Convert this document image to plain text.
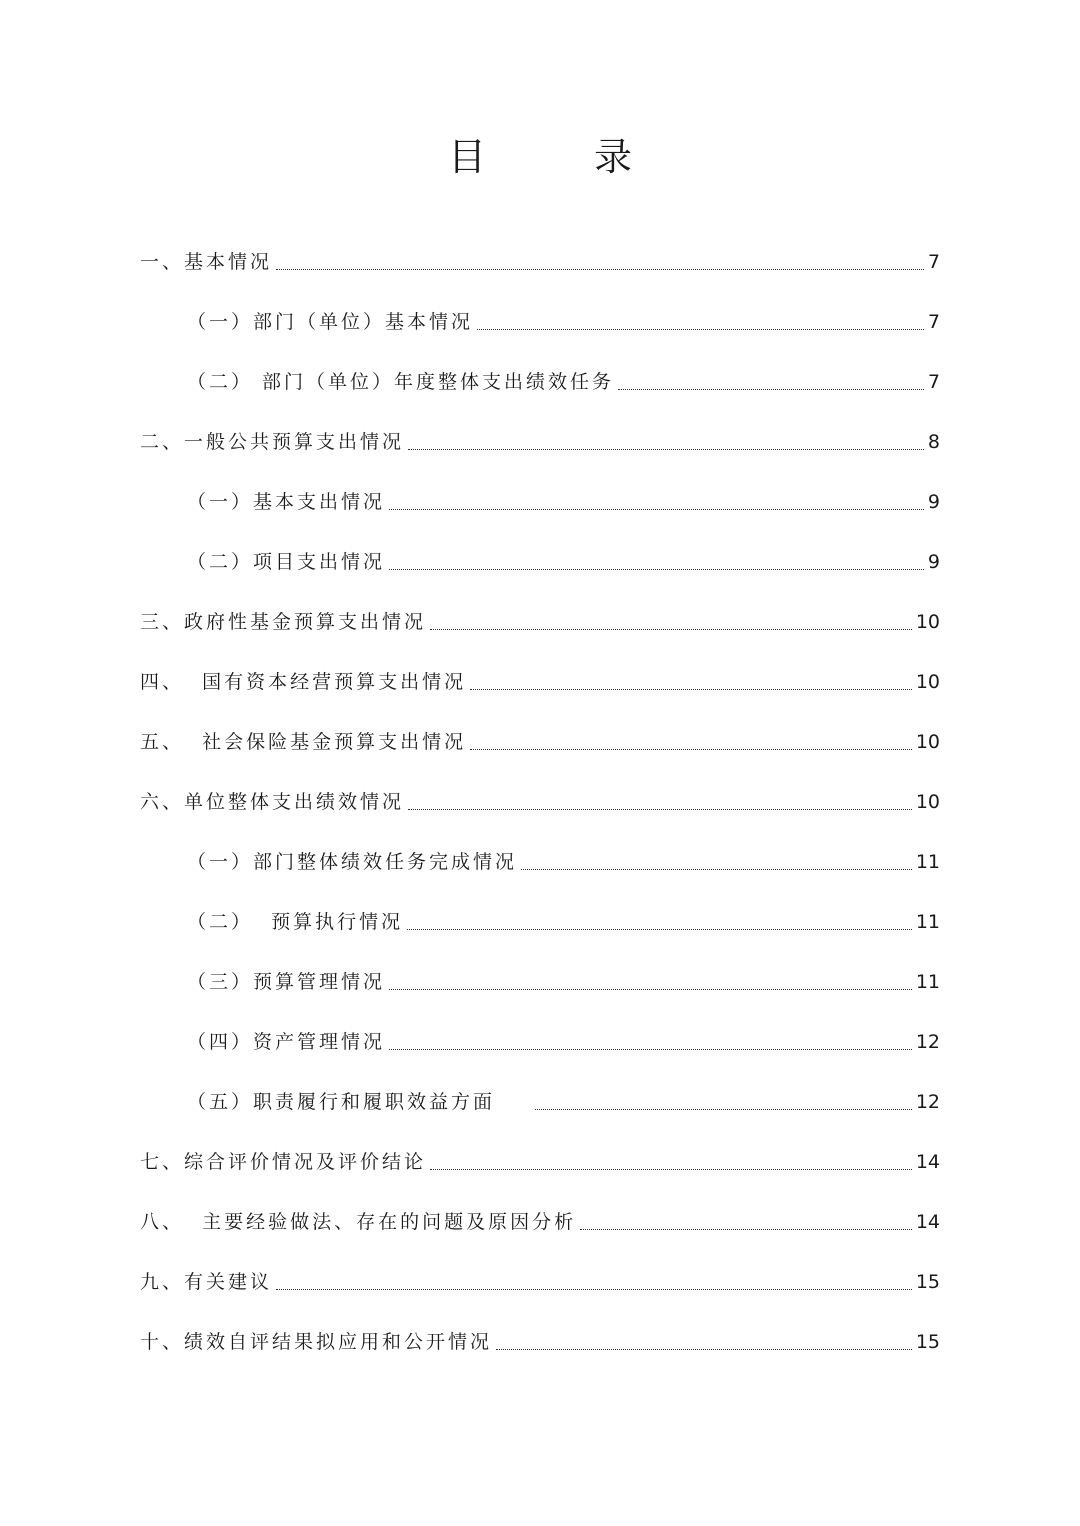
目	录
一、基本情况	7
（一）部门（单位）基本情况	7
（二） 部门（单位）年度整体支出绩效任务	7
二、一般公共预算支出情况	8
（一）基本支出情况	9
（二）项目支出情况	9
三、政府性基金预算支出情况	10
四、  国有资本经营预算支出情况	10
五、  社会保险基金预算支出情况	10
六、单位整体支出绩效情况	10
（一）部门整体绩效任务完成情况	11
（二）  预算执行情况	11
（三）预算管理情况	11
（四）资产管理情况	12
（五）职责履行和履职效益方面	12
七、综合评价情况及评价结论	14
八、  主要经验做法、存在的问题及原因分析	14
九、有关建议	15
十、绩效自评结果拟应用和公开情况	15
